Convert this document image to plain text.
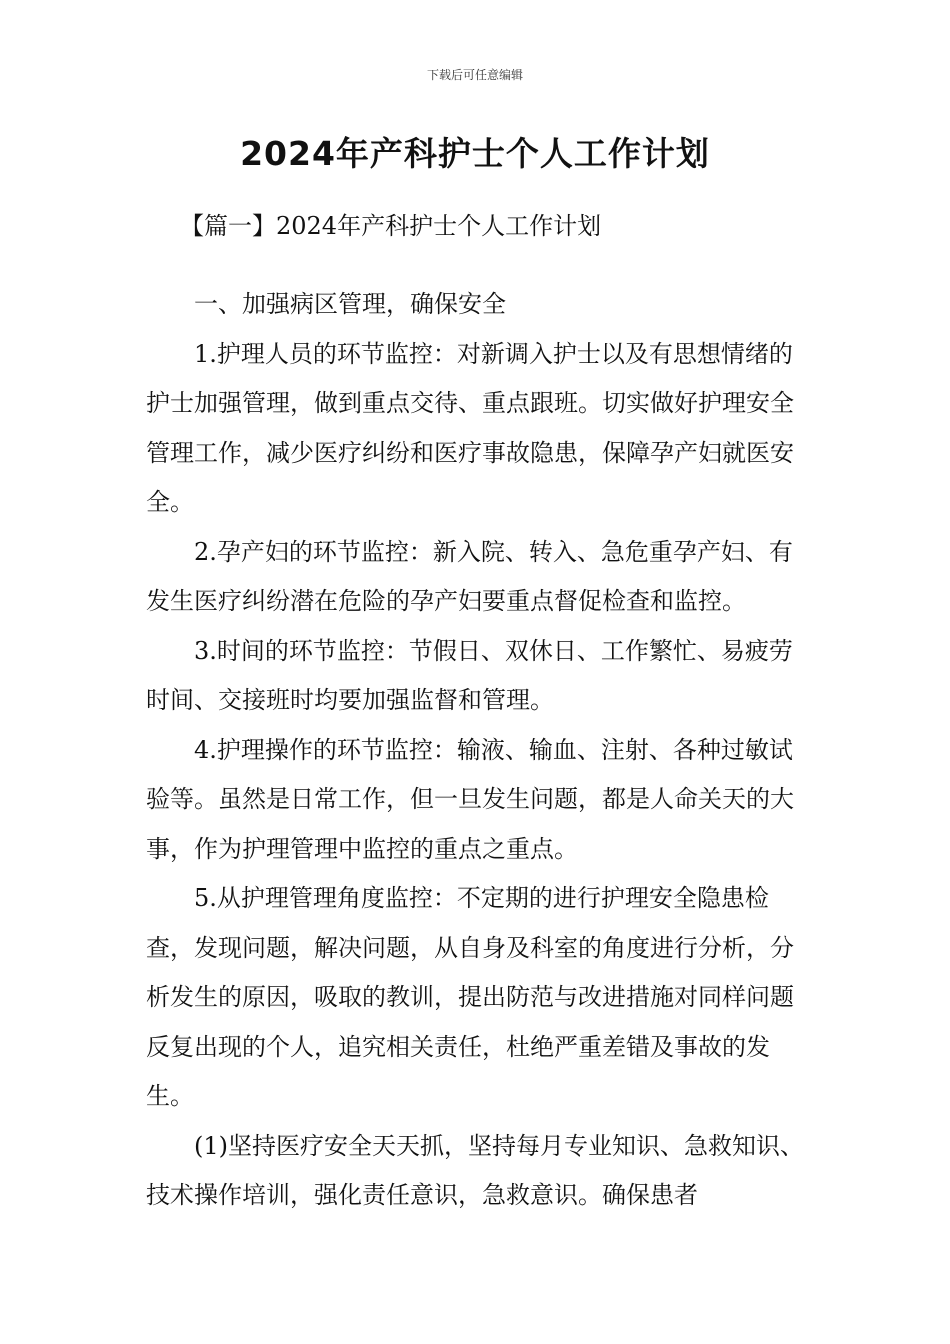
下载后可任意编辑
2024年产科护士个人工作计划
【篇一】2024年产科护士个人工作计划

一、加强病区管理，确保安全

1.护理人员的环节监控：对新调入护士以及有思想情绪的护士加强管理，做到重点交待、重点跟班。切实做好护理安全管理工作，减少医疗纠纷和医疗事故隐患，保障孕产妇就医安全。

2.孕产妇的环节监控：新入院、转入、急危重孕产妇、有发生医疗纠纷潜在危险的孕产妇要重点督促检查和监控。

3.时间的环节监控：节假日、双休日、工作繁忙、易疲劳时间、交接班时均要加强监督和管理。

4.护理操作的环节监控：输液、输血、注射、各种过敏试验等。虽然是日常工作，但一旦发生问题，都是人命关天的大事，作为护理管理中监控的重点之重点。

5.从护理管理角度监控：不定期的进行护理安全隐患检查，发现问题，解决问题，从自身及科室的角度进行分析，分析发生的原因，吸取的教训，提出防范与改进措施对同样问题反复出现的个人，追究相关责任，杜绝严重差错及事故的发生。

(1)坚持医疗安全天天抓，坚持每月专业知识、急救知识、技术操作培训，强化责任意识，急救意识。确保患者
